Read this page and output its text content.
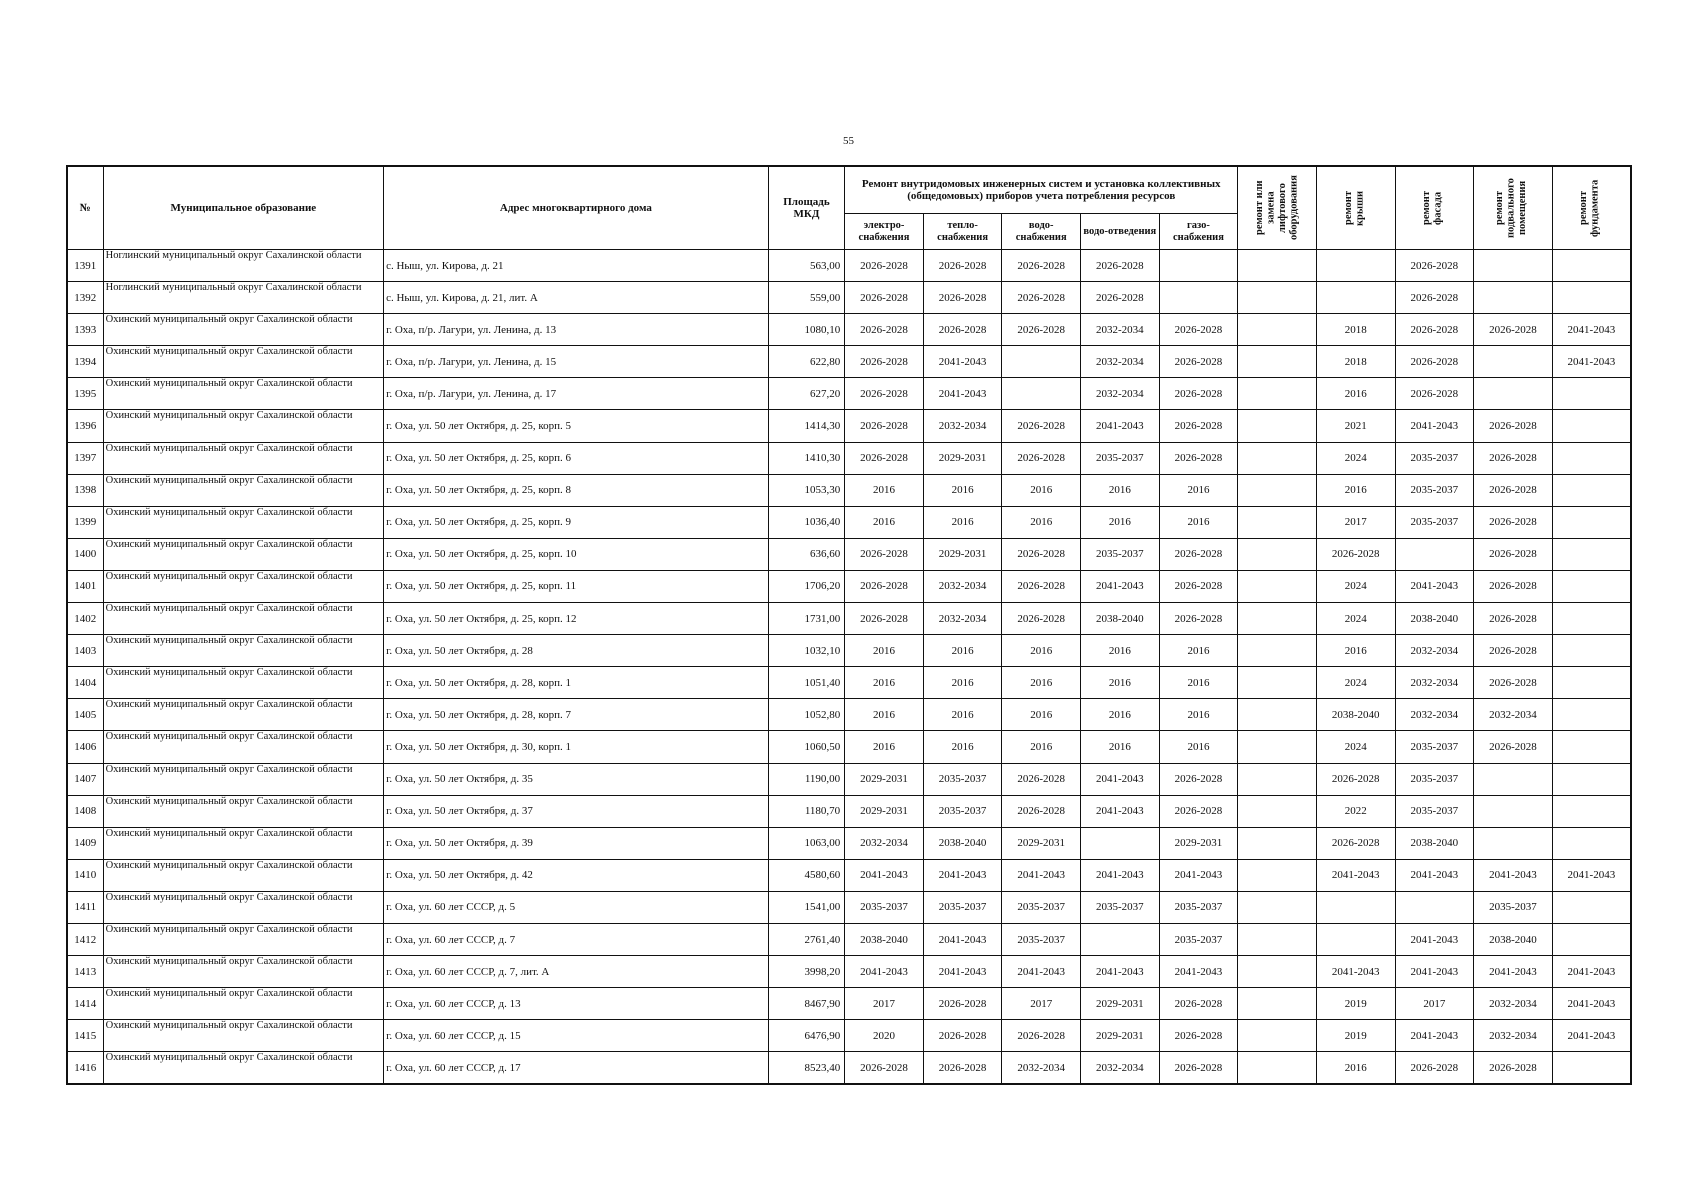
55
№	Муниципальное образование	Адрес многоквартирного дома	Площадь МКД	Ремонт внутридомовых инженерных систем и установка коллективных (общедомовых) приборов учета потребления ресурсов					ремонт или замена лифтового оборудования	ремонт крыши	ремонт фасада	ремонт подвального помещения	ремонт фундамента

				электро-снабжения	тепло-снабжения	водо-снабжения	водо-отведения	газо-снабжения					
1391	Ноглинский муниципальный округ Сахалинской области	с. Ныш, ул. Кирова, д. 21	563,00	2026-2028	2026-2028	2026-2028	2026-2028				2026-2028		
1392	Ноглинский муниципальный округ Сахалинской области	с. Ныш, ул. Кирова, д. 21, лит. А	559,00	2026-2028	2026-2028	2026-2028	2026-2028				2026-2028		
1393	Охинский муниципальный округ Сахалинской области	г. Оха, п/р. Лагури, ул. Ленина, д. 13	1080,10	2026-2028	2026-2028	2026-2028	2032-2034	2026-2028		2018	2026-2028	2026-2028	2041-2043
1394	Охинский муниципальный округ Сахалинской области	г. Оха, п/р. Лагури, ул. Ленина, д. 15	622,80	2026-2028	2041-2043		2032-2034	2026-2028		2018	2026-2028		2041-2043
1395	Охинский муниципальный округ Сахалинской области	г. Оха, п/р. Лагури, ул. Ленина, д. 17	627,20	2026-2028	2041-2043		2032-2034	2026-2028		2016	2026-2028		
1396	Охинский муниципальный округ Сахалинской области	г. Оха, ул. 50 лет Октября, д. 25, корп. 5	1414,30	2026-2028	2032-2034	2026-2028	2041-2043	2026-2028		2021	2041-2043	2026-2028	
1397	Охинский муниципальный округ Сахалинской области	г. Оха, ул. 50 лет Октября, д. 25, корп. 6	1410,30	2026-2028	2029-2031	2026-2028	2035-2037	2026-2028		2024	2035-2037	2026-2028	
1398	Охинский муниципальный округ Сахалинской области	г. Оха, ул. 50 лет Октября, д. 25, корп. 8	1053,30	2016	2016	2016	2016	2016		2016	2035-2037	2026-2028	
1399	Охинский муниципальный округ Сахалинской области	г. Оха, ул. 50 лет Октября, д. 25, корп. 9	1036,40	2016	2016	2016	2016	2016		2017	2035-2037	2026-2028	
1400	Охинский муниципальный округ Сахалинской области	г. Оха, ул. 50 лет Октября, д. 25, корп. 10	636,60	2026-2028	2029-2031	2026-2028	2035-2037	2026-2028		2026-2028		2026-2028	
1401	Охинский муниципальный округ Сахалинской области	г. Оха, ул. 50 лет Октября, д. 25, корп. 11	1706,20	2026-2028	2032-2034	2026-2028	2041-2043	2026-2028		2024	2041-2043	2026-2028	
1402	Охинский муниципальный округ Сахалинской области	г. Оха, ул. 50 лет Октября, д. 25, корп. 12	1731,00	2026-2028	2032-2034	2026-2028	2038-2040	2026-2028		2024	2038-2040	2026-2028	
1403	Охинский муниципальный округ Сахалинской области	г. Оха, ул. 50 лет Октября, д. 28	1032,10	2016	2016	2016	2016	2016		2016	2032-2034	2026-2028	
1404	Охинский муниципальный округ Сахалинской области	г. Оха, ул. 50 лет Октября, д. 28, корп. 1	1051,40	2016	2016	2016	2016	2016		2024	2032-2034	2026-2028	
1405	Охинский муниципальный округ Сахалинской области	г. Оха, ул. 50 лет Октября, д. 28, корп. 7	1052,80	2016	2016	2016	2016	2016		2038-2040	2032-2034	2032-2034	
1406	Охинский муниципальный округ Сахалинской области	г. Оха, ул. 50 лет Октября, д. 30, корп. 1	1060,50	2016	2016	2016	2016	2016		2024	2035-2037	2026-2028	
1407	Охинский муниципальный округ Сахалинской области	г. Оха, ул. 50 лет Октября, д. 35	1190,00	2029-2031	2035-2037	2026-2028	2041-2043	2026-2028		2026-2028	2035-2037		
1408	Охинский муниципальный округ Сахалинской области	г. Оха, ул. 50 лет Октября, д. 37	1180,70	2029-2031	2035-2037	2026-2028	2041-2043	2026-2028		2022	2035-2037		
1409	Охинский муниципальный округ Сахалинской области	г. Оха, ул. 50 лет Октября, д. 39	1063,00	2032-2034	2038-2040	2029-2031		2029-2031		2026-2028	2038-2040		
1410	Охинский муниципальный округ Сахалинской области	г. Оха, ул. 50 лет Октября, д. 42	4580,60	2041-2043	2041-2043	2041-2043	2041-2043	2041-2043		2041-2043	2041-2043	2041-2043	2041-2043
1411	Охинский муниципальный округ Сахалинской области	г. Оха, ул. 60 лет СССР, д. 5	1541,00	2035-2037	2035-2037	2035-2037	2035-2037	2035-2037				2035-2037	
1412	Охинский муниципальный округ Сахалинской области	г. Оха, ул. 60 лет СССР, д. 7	2761,40	2038-2040	2041-2043	2035-2037		2035-2037			2041-2043	2038-2040	
1413	Охинский муниципальный округ Сахалинской области	г. Оха, ул. 60 лет СССР, д. 7, лит. А	3998,20	2041-2043	2041-2043	2041-2043	2041-2043	2041-2043		2041-2043	2041-2043	2041-2043	2041-2043
1414	Охинский муниципальный округ Сахалинской области	г. Оха, ул. 60 лет СССР, д. 13	8467,90	2017	2026-2028	2017	2029-2031	2026-2028		2019	2017	2032-2034	2041-2043
1415	Охинский муниципальный округ Сахалинской области	г. Оха, ул. 60 лет СССР, д. 15	6476,90	2020	2026-2028	2026-2028	2029-2031	2026-2028		2019	2041-2043	2032-2034	2041-2043
1416	Охинский муниципальный округ Сахалинской области	г. Оха, ул. 60 лет СССР, д. 17	8523,40	2026-2028	2026-2028	2032-2034	2032-2034	2026-2028		2016	2026-2028	2026-2028	
